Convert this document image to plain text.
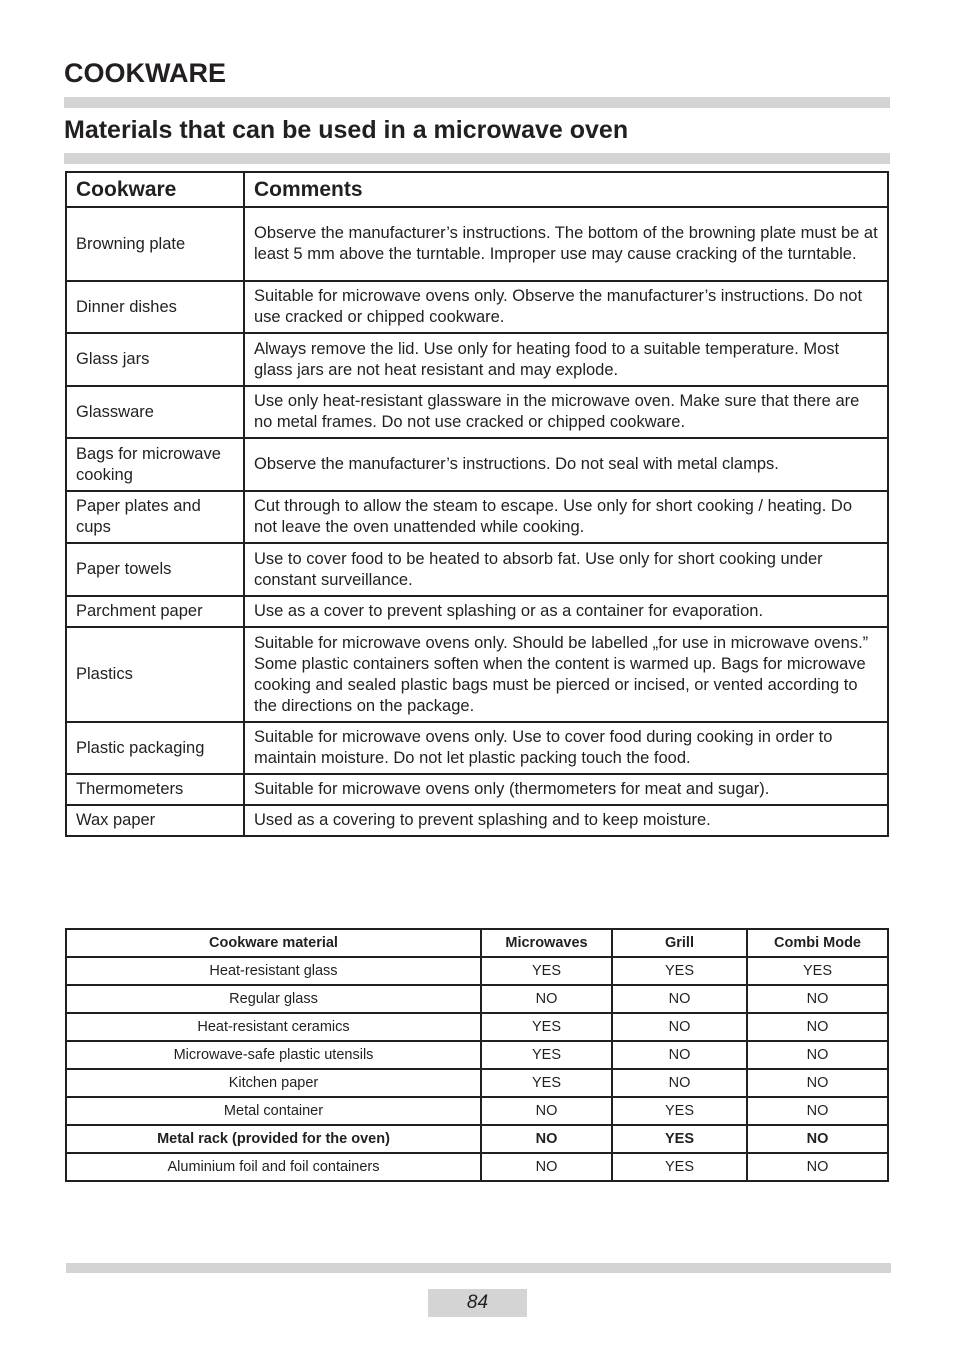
COOKWARE
Materials that can be used in a microwave oven
Cookware	Comments
Browning plate	Observe the manufacturer’s instructions. The bottom of the browning plate must be at least 5 mm above the turntable. Improper use may cause cracking of the turntable.
Dinner dishes	Suitable for microwave ovens only. Observe the manufacturer’s instructions. Do not use cracked or chipped cookware.
Glass jars	Always remove the lid. Use only for heating food to a suitable temperature. Most glass jars are not heat resistant and may explode.
Glassware	Use only heat-resistant glassware in the microwave oven. Make sure that there are no metal frames. Do not use cracked or chipped cookware.
Bags for microwave cooking	Observe the manufacturer’s instructions. Do not seal with metal clamps.
Paper plates and cups	Cut through to allow the steam to escape. Use only for short cooking / heating. Do not leave the oven unattended while cooking.
Paper towels	Use to cover food to be heated to absorb fat. Use only for short cooking under constant surveillance.
Parchment paper	Use as a cover to prevent splashing or as a container for evaporation.
Plastics	Suitable for microwave ovens only. Should be labelled „for use in microwave ovens.” Some plastic containers soften when the content is warmed up. Bags for microwave cooking and sealed plastic bags must be pierced or incised, or vented according to the directions on the package.
Plastic packaging	Suitable for microwave ovens only. Use to cover food during cooking in order to maintain moisture. Do not let plastic packing touch the food.
Thermometers	Suitable for microwave ovens only (thermometers for meat and sugar).
Wax paper	Used as a covering to prevent splashing and to keep moisture.
Cookware material	Microwaves	Grill	Combi Mode
Heat-resistant glass	YES	YES	YES
Regular glass	NO	NO	NO
Heat-resistant ceramics	YES	NO	NO
Microwave-safe plastic utensils	YES	NO	NO
Kitchen paper	YES	NO	NO
Metal container	NO	YES	NO
Metal rack (provided for the oven)	NO	YES	NO
Aluminium foil and foil containers	NO	YES	NO
84
